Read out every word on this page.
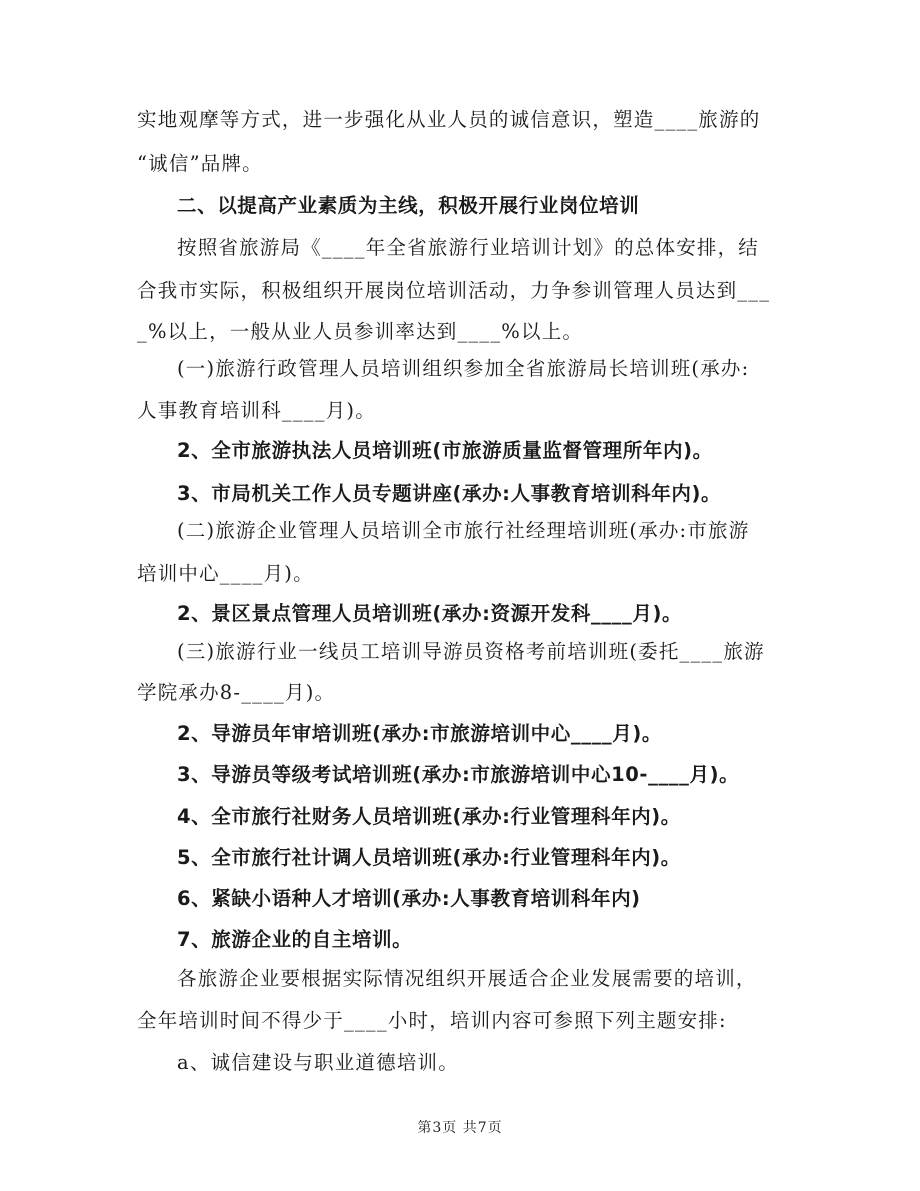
实地观摩等方式，进一步强化从业人员的诚信意识，塑造____旅游的
“诚信”品牌。
二、以提高产业素质为主线，积极开展行业岗位培训
按照省旅游局《____年全省旅游行业培训计划》的总体安排，结
合我市实际，积极组织开展岗位培训活动，力争参训管理人员达到___
_%以上，一般从业人员参训率达到____%以上。
(一)旅游行政管理人员培训组织参加全省旅游局长培训班(承办:
人事教育培训科____月)。
2、全市旅游执法人员培训班(市旅游质量监督管理所年内)。
3、市局机关工作人员专题讲座(承办:人事教育培训科年内)。
(二)旅游企业管理人员培训全市旅行社经理培训班(承办:市旅游
培训中心____月)。
2、景区景点管理人员培训班(承办:资源开发科____月)。
(三)旅游行业一线员工培训导游员资格考前培训班(委托____旅游
学院承办8-____月)。
2、导游员年审培训班(承办:市旅游培训中心____月)。
3、导游员等级考试培训班(承办:市旅游培训中心10-____月)。
4、全市旅行社财务人员培训班(承办:行业管理科年内)。
5、全市旅行社计调人员培训班(承办:行业管理科年内)。
6、紧缺小语种人才培训(承办:人事教育培训科年内)
7、旅游企业的自主培训。
各旅游企业要根据实际情况组织开展适合企业发展需要的培训，
全年培训时间不得少于____小时，培训内容可参照下列主题安排:
a、诚信建设与职业道德培训。
第3页 共7页
